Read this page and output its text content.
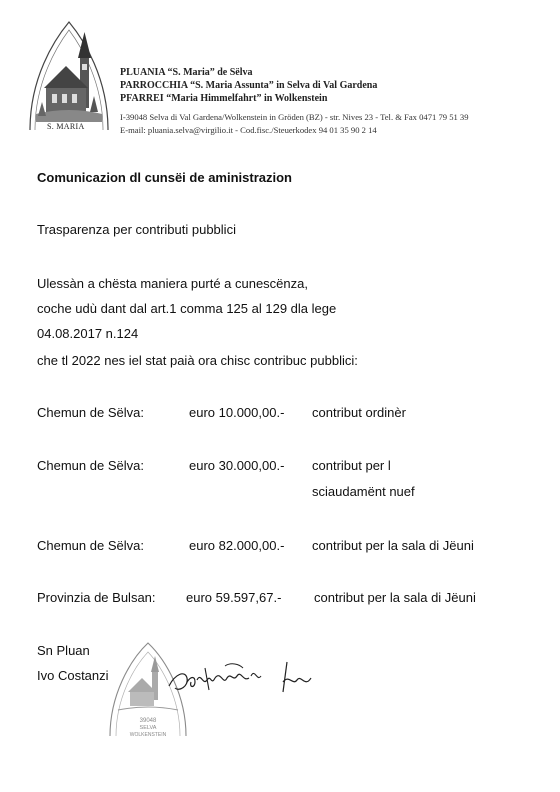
S. MARIA
PLUANIA “S. Maria” de Sëlva
PARROCCHIA “S. Maria Assunta” in Selva di Val Gardena
PFARREI “Maria Himmelfahrt” in Wolkenstein
I-39048 Selva di Val Gardena/Wolkenstein in Gröden (BZ) - str. Nives 23 - Tel. & Fax 0471 79 51 39
E-mail: pluania.selva@virgilio.it - Cod.fisc./Steuerkodex 94 01 35 90 2 14
Comunicazion dl cunsëi de aministrazion
Trasparenza per contributi pubblici
Ulessàn a chësta maniera purté a cunescënza,
coche udù dant dal art.1 comma 125 al 129 dla lege
04.08.2017 n.124
che tl 2022 nes iel stat paià ora chisc contribuc pubblici:
Chemun de Sëlva:	euro 10.000,00.- contribut ordinèr
Chemun de Sëlva:	euro 30.000,00.- contribut per l
sciaudamënt nuef
Chemun de Sëlva:	euro 82.000,00.- contribut per la sala di Jëuni
Provinzia de Bulsan: euro 59.597,67.-	contribut per la sala di Jëuni
Sn Pluan
Ivo Costanzi
39048
SELVA
WOLKENSTEIN
